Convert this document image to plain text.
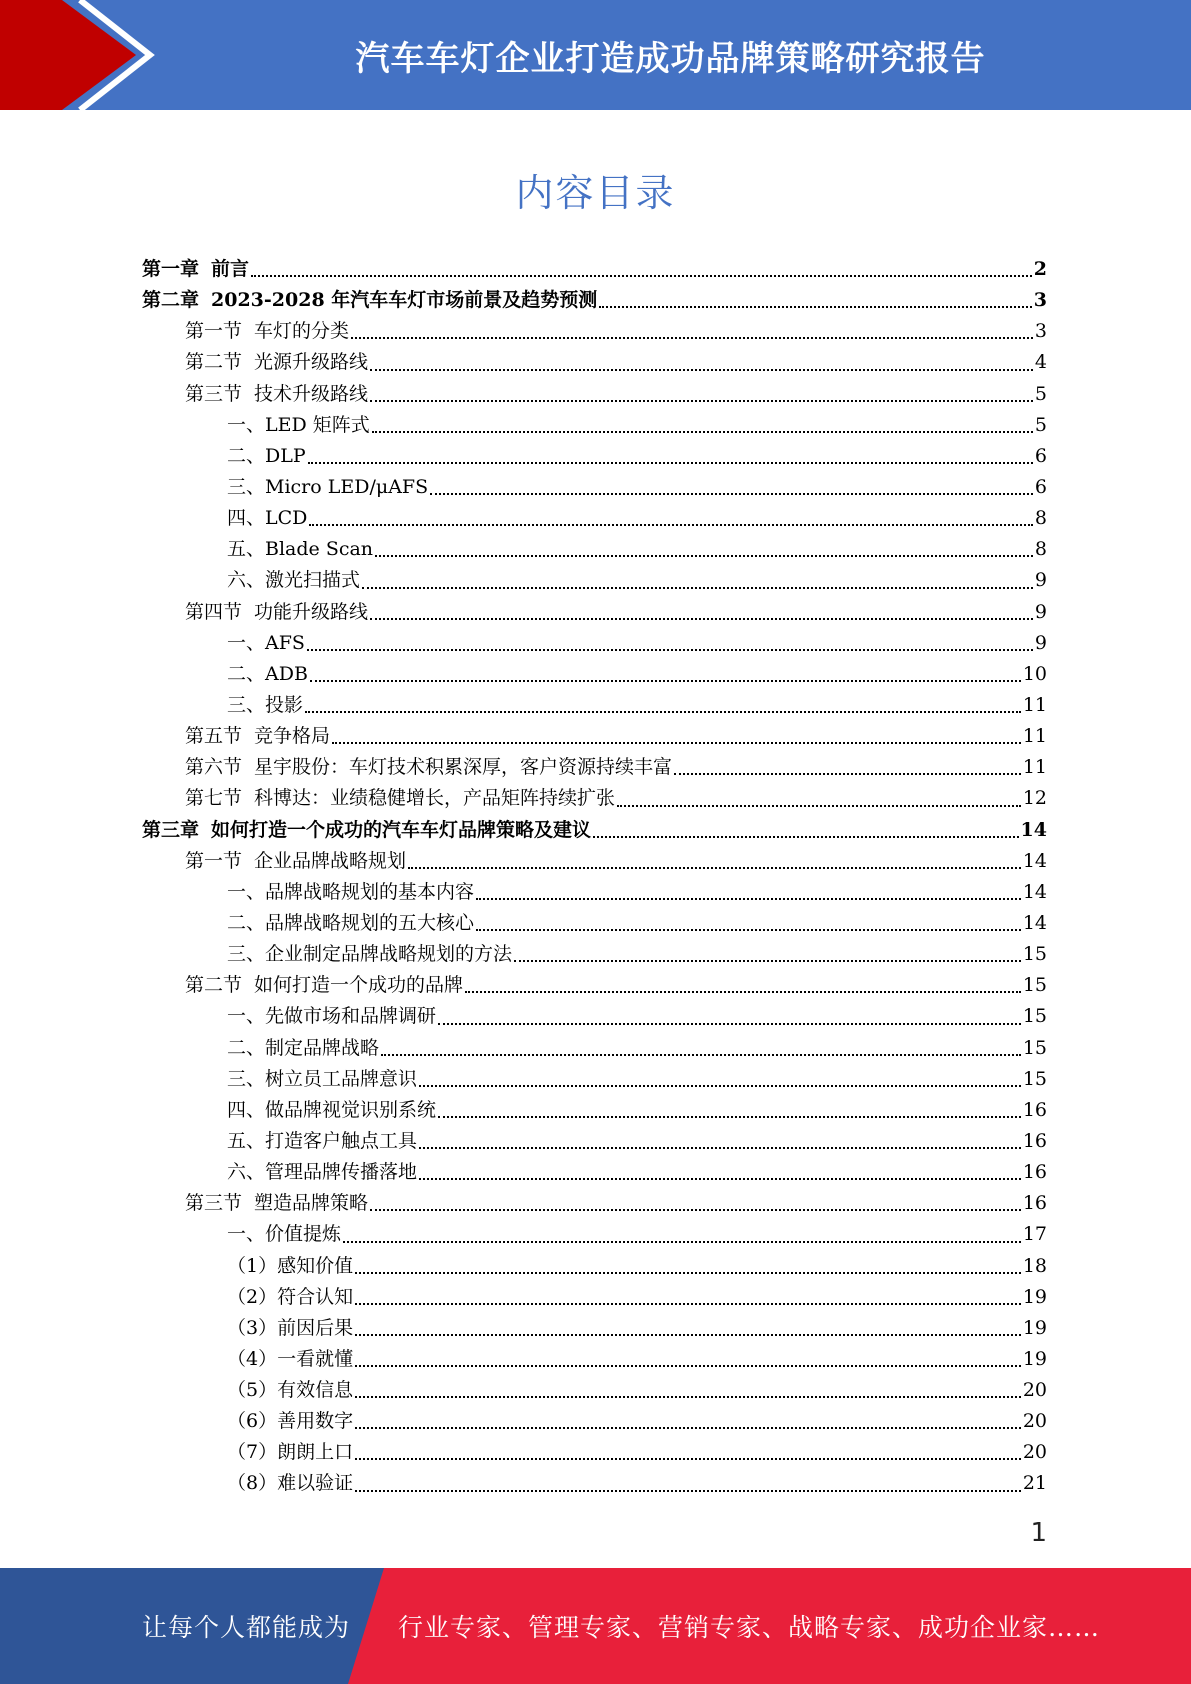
汽车车灯企业打造成功品牌策略研究报告
内容目录
第一章 前言	2
第二章 2023-2028 年汽车车灯市场前景及趋势预测	3
第一节 车灯的分类	3
第二节 光源升级路线	4
第三节 技术升级路线	5
一、LED 矩阵式	5
二、DLP	6
三、Micro LED/μAFS	6
四、LCD	8
五、Blade Scan	8
六、激光扫描式	9
第四节 功能升级路线	9
一、AFS	9
二、ADB	10
三、投影	11
第五节 竞争格局	11
第六节 星宇股份：车灯技术积累深厚，客户资源持续丰富	11
第七节 科博达：业绩稳健增长，产品矩阵持续扩张	12
第三章 如何打造一个成功的汽车车灯品牌策略及建议	14
第一节 企业品牌战略规划	14
一、品牌战略规划的基本内容	14
二、品牌战略规划的五大核心	14
三、企业制定品牌战略规划的方法	15
第二节 如何打造一个成功的品牌	15
一、先做市场和品牌调研	15
二、制定品牌战略	15
三、树立员工品牌意识	15
四、做品牌视觉识别系统	16
五、打造客户触点工具	16
六、管理品牌传播落地	16
第三节 塑造品牌策略	16
一、价值提炼	17
（1）感知价值	18
（2）符合认知	19
（3）前因后果	19
（4）一看就懂	19
（5）有效信息	20
（6）善用数字	20
（7）朗朗上口	20
（8）难以验证	21
1
让每个人都能成为 行业专家、管理专家、营销专家、战略专家、成功企业家……
